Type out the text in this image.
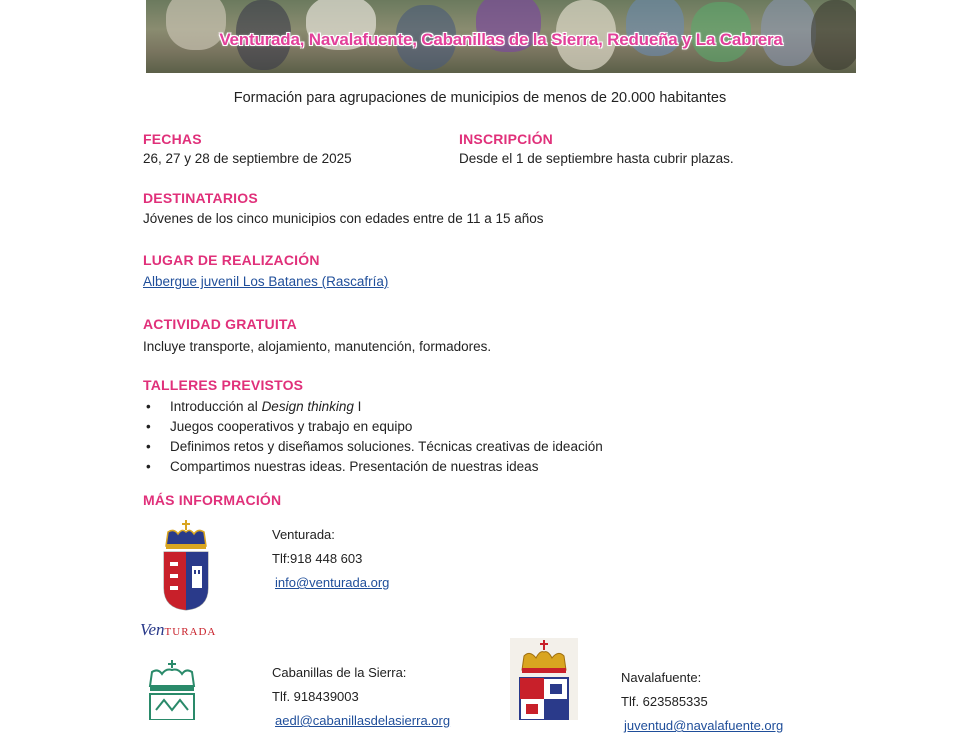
Venturada, Navalafuente, Cabanillas de la Sierra, Redueña y La Cabrera
Formación para agrupaciones de municipios de menos de 20.000 habitantes
FECHAS
26, 27 y 28 de septiembre de 2025
INSCRIPCIÓN
Desde el 1 de septiembre hasta cubrir plazas.
DESTINATARIOS
Jóvenes de los cinco municipios con edades entre de 11 a 15 años
LUGAR DE REALIZACIÓN
Albergue juvenil Los Batanes (Rascafría)
ACTIVIDAD GRATUITA
Incluye transporte, alojamiento, manutención, formadores.
TALLERES PREVISTOS
• Introducción al Design thinking I
• Juegos cooperativos y trabajo en equipo
• Definimos retos y diseñamos soluciones. Técnicas creativas de ideación
• Compartimos nuestras ideas. Presentación de nuestras ideas
MÁS INFORMACIÓN
VenTURADA
Venturada:
Tlf:918 448 603
info@venturada.org
Cabanillas de la Sierra:
Tlf. 918439003
aedl@cabanillasdelasierra.org
Navalafuente:
Tlf. 623585335
juventud@navalafuente.org
